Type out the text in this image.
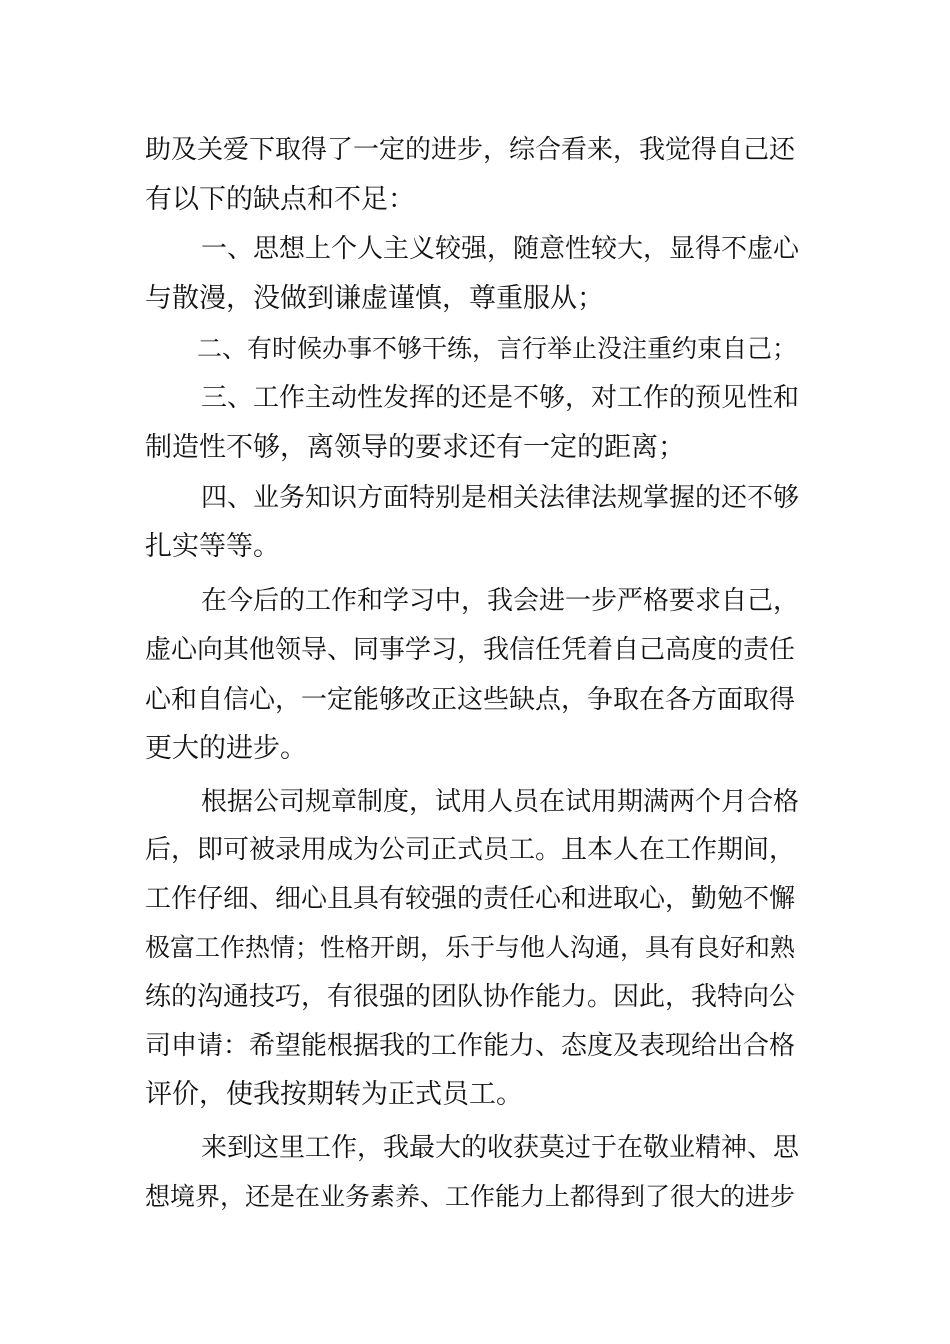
助及关爱下取得了一定的进步，综合看来，我觉得自己还
有以下的缺点和不足：
一、思想上个人主义较强，随意性较大，显得不虚心
与散漫，没做到谦虚谨慎，尊重服从；
二、有时候办事不够干练，言行举止没注重约束自己；
三、工作主动性发挥的还是不够，对工作的预见性和
制造性不够，离领导的要求还有一定的距离；
四、业务知识方面特别是相关法律法规掌握的还不够
扎实等等。
在今后的工作和学习中，我会进一步严格要求自己，
虚心向其他领导、同事学习，我信任凭着自己高度的责任
心和自信心，一定能够改正这些缺点，争取在各方面取得
更大的进步。
根据公司规章制度，试用人员在试用期满两个月合格
后，即可被录用成为公司正式员工。且本人在工作期间，
工作仔细、细心且具有较强的责任心和进取心，勤勉不懈
极富工作热情；性格开朗，乐于与他人沟通，具有良好和熟
练的沟通技巧，有很强的团队协作能力。因此，我特向公
司申请：希望能根据我的工作能力、态度及表现给出合格
评价，使我按期转为正式员工。
来到这里工作，我最大的收获莫过于在敬业精神、思
想境界，还是在业务素养、工作能力上都得到了很大的进步
